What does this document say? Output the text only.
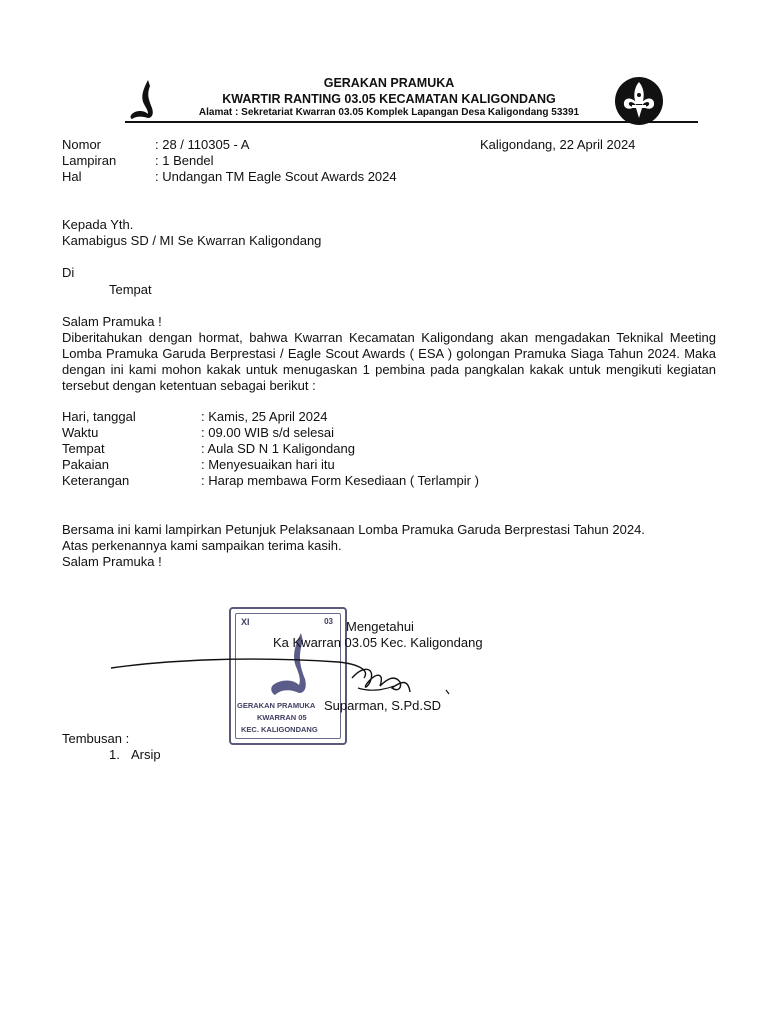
GERAKAN PRAMUKA
KWARTIR RANTING 03.05 KECAMATAN KALIGONDANG
Alamat : Sekretariat Kwarran 03.05 Komplek Lapangan Desa Kaligondang 53391
Nomor	: 28 / 110305 - A	Kaligondang, 22 April 2024
Lampiran	: 1 Bendel
Hal	: Undangan TM Eagle Scout Awards 2024
Kepada Yth.
Kamabigus SD / MI Se Kwarran Kaligondang
Di
Tempat
Salam Pramuka !
Diberitahukan dengan hormat, bahwa Kwarran Kecamatan Kaligondang akan mengadakan Teknikal Meeting Lomba Pramuka Garuda Berprestasi / Eagle Scout Awards ( ESA ) golongan Pramuka Siaga Tahun 2024. Maka dengan ini kami mohon kakak untuk menugaskan 1 pembina pada pangkalan kakak untuk mengikuti kegiatan tersebut dengan ketentuan sebagai berikut :
Hari, tanggal	: Kamis, 25 April 2024
Waktu	: 09.00 WIB s/d selesai
Tempat	: Aula SD N 1 Kaligondang
Pakaian	: Menyesuaikan hari itu
Keterangan	: Harap membawa Form Kesediaan ( Terlampir )
Bersama ini kami lampirkan Petunjuk Pelaksanaan Lomba Pramuka Garuda Berprestasi Tahun 2024.
Atas perkenannya kami sampaikan terima kasih.
Salam Pramuka !
XI	03
GERAKAN PRAMUKA
KWARRAN 05
KEC. KALIGONDANG
Mengetahui
Ka Kwarran 03.05 Kec. Kaligondang
Suparman, S.Pd.SD
Tembusan :
1. Arsip
